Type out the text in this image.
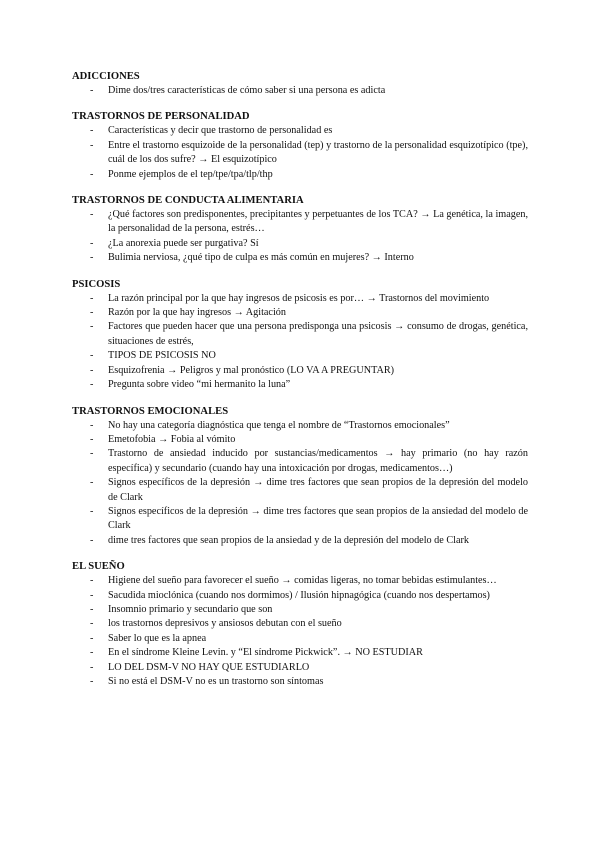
ADICCIONES
- Dime dos/tres características de cómo saber si una persona es adicta
TRASTORNOS DE PERSONALIDAD
- Características y decir que trastorno de personalidad es
- Entre el trastorno esquizoide de la personalidad (tep) y trastorno de la personalidad esquizotípico (tpe), cuál de los dos sufre? → El esquizotípico
- Ponme ejemplos de el tep/tpe/tpa/tlp/thp
TRASTORNOS DE CONDUCTA ALIMENTARIA
- ¿Qué factores son predisponentes, precipitantes y perpetuantes de los TCA? → La genética, la imagen, la personalidad de la persona, estrés…
- ¿La anorexia puede ser purgativa? Sí
- Bulimia nerviosa, ¿qué tipo de culpa es más común en mujeres? → Interno
PSICOSIS
- La razón principal por la que hay ingresos de psicosis es por… → Trastornos del movimiento
- Razón por la que hay ingresos → Agitación
- Factores que pueden hacer que una persona predisponga una psicosis → consumo de drogas, genética, situaciones de estrés,
- TIPOS DE PSICOSIS NO
- Esquizofrenia → Peligros y mal pronóstico (LO VA A PREGUNTAR)
- Pregunta sobre video “mi hermanito la luna”
TRASTORNOS EMOCIONALES
- No hay una categoría diagnóstica que tenga el nombre de “Trastornos emocionales”
- Emetofobia → Fobia al vómito
- Trastorno de ansiedad inducido por sustancias/medicamentos → hay primario (no hay razón específica) y secundario (cuando hay una intoxicación por drogas, medicamentos…)
- Signos específicos de la depresión → dime tres factores que sean propios de la depresión del modelo de Clark
- Signos específicos de la depresión → dime tres factores que sean propios de la ansiedad del modelo de Clark
- dime tres factores que sean propios de la ansiedad y de la depresión del modelo de Clark
EL SUEÑO
- Higiene del sueño para favorecer el sueño → comidas ligeras, no tomar bebidas estimulantes…
- Sacudida mioclónica (cuando nos dormimos) / Ilusión hipnagógica (cuando nos despertamos)
- Insomnio primario y secundario que son
- los trastornos depresivos y ansiosos debutan con el sueño
- Saber lo que es la apnea
- En el síndrome Kleine Levin. y “El síndrome Pickwick”. → NO ESTUDIAR
- LO DEL DSM-V NO HAY QUE ESTUDIARLO
- Si no está el DSM-V no es un trastorno son síntomas
